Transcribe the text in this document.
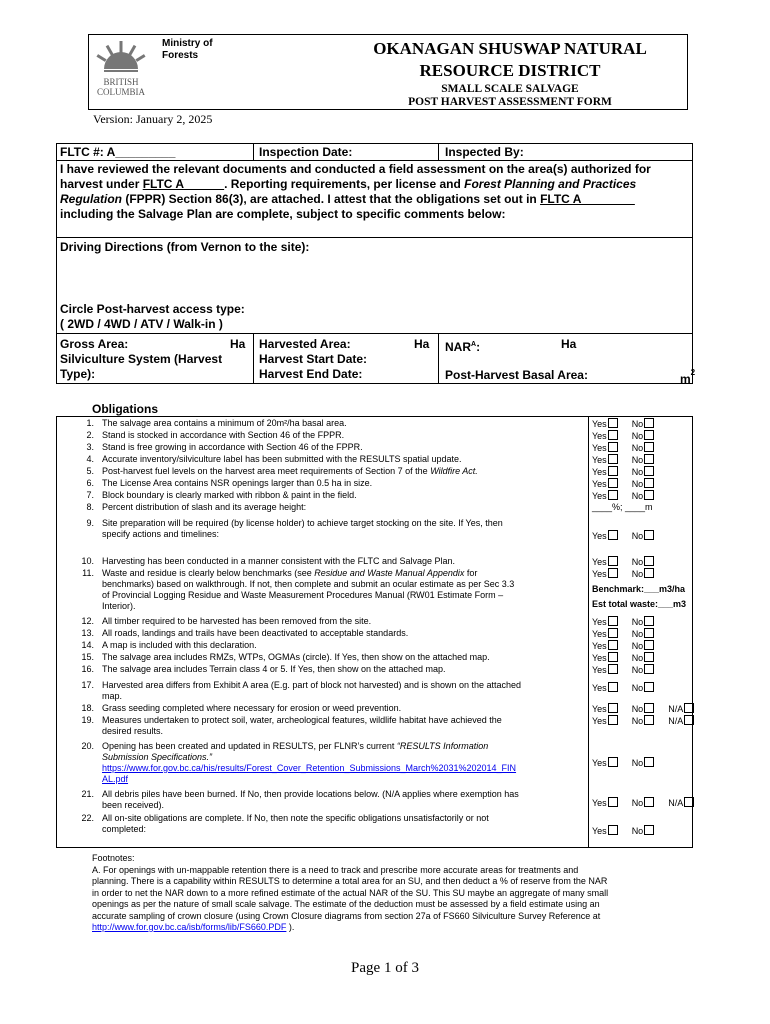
BRITISH
COLUMBIA
Ministry of Forests	OKANAGAN SHUSWAP NATURAL
RESOURCE DISTRICT
SMALL SCALE SALVAGE
POST HARVEST ASSESSMENT FORM
Version: January 2, 2025
FLTC #: A_________	Inspection Date:	Inspected By:
I have reviewed the relevant documents and conducted a field assessment on the area(s) authorized for
harvest under FLTC A______. Reporting requirements, per license and Forest Planning and Practices
Regulation (FPPR) Section 86(3), are attached. I attest that the obligations set out in FLTC A________
including the Salvage Plan are complete, subject to specific comments below:
Driving Directions (from Vernon to the site):
Circle Post-harvest access type:
( 2WD / 4WD / ATV / Walk-in )
Gross Area:	Ha
Silviculture System (Harvest
Type):
Harvested Area:	Ha
Harvest Start Date:
Harvest End Date:
$NAR^A$:	Ha
Post-Harvest Basal Area:	$m^2$
Obligations
1. The salvage area contains a minimum of 20m²/ha basal area.	Yes	No
2. Stand is stocked in accordance with Section 46 of the FPPR.	Yes	No
3. Stand is free growing in accordance with Section 46 of the FPPR.	Yes	No
4. Accurate inventory/silviculture label has been submitted with the RESULTS spatial update.	Yes	No
5. Post-harvest fuel levels on the harvest area meet requirements of Section 7 of the Wildfire Act.	Yes	No
6. The License Area contains NSR openings larger than 0.5 ha in size.	Yes	No
7. Block boundary is clearly marked with ribbon & paint in the field.	Yes	No
8. Percent distribution of slash and its average height:	____%; ____m
9. Site preparation will be required (by license holder) to achieve target stocking on the site. If Yes, then
specify actions and timelines:	Yes	No
10. Harvesting has been conducted in a manner consistent with the FLTC and Salvage Plan.	Yes	No
11. Waste and residue is clearly below benchmarks (see Residue and Waste Manual Appendix for
benchmarks) based on walkthrough. If not, then complete and submit an ocular estimate as per Sec 3.3
of Provincial Logging Residue and Waste Measurement Procedures Manual (RW01 Estimate Form –
Interior).
Yes	No
Benchmark:___m3/ha
Est total waste:___m3
12. All timber required to be harvested has been removed from the site.	Yes	No
13. All roads, landings and trails have been deactivated to acceptable standards.	Yes	No
14. A map is included with this declaration.	Yes	No
15. The salvage area includes RMZs, WTPs, OGMAs (circle). If Yes, then show on the attached map.	Yes	No
16. The salvage area includes Terrain class 4 or 5. If Yes, then show on the attached map.	Yes	No
17. Harvested area differs from Exhibit A area (E.g. part of block not harvested) and is shown on the attached
map.
Yes	No
18. Grass seeding completed where necessary for erosion or weed prevention.	Yes	No	N/A
19. Measures undertaken to protect soil, water, archeological features, wildlife habitat have achieved the
desired results.
Yes	No	N/A
20. Opening has been created and updated in RESULTS, per FLNR’s current “RESULTS Information
Submission Specifications.”
https://www.for.gov.bc.ca/his/results/Forest_Cover_Retention_Submissions_March%2031%202014_FIN
AL.pdf
Yes	No
21. All debris piles have been burned. If No, then provide locations below. (N/A applies where exemption has
been received).	Yes	No	N/A
22. All on-site obligations are complete. If No, then note the specific obligations unsatisfactorily or not
completed:	Yes	No
Footnotes:
A. For openings with un-mappable retention there is a need to track and prescribe more accurate areas for treatments and
planning. There is a capability within RESULTS to determine a total area for an SU, and then deduct a % of reserve from the NAR
in order to net the NAR down to a more refined estimate of the actual NAR of the SU. This SU maybe an aggregate of many small
openings as per the nature of small scale salvage. The estimate of the deduction must be assessed by a field estimate using an
accurate sampling of crown closure (using Crown Closure diagrams from section 27a of FS660 Silviculture Survey Reference at
http://www.for.gov.bc.ca/isb/forms/lib/FS660.PDF ).
Page 1 of 3
